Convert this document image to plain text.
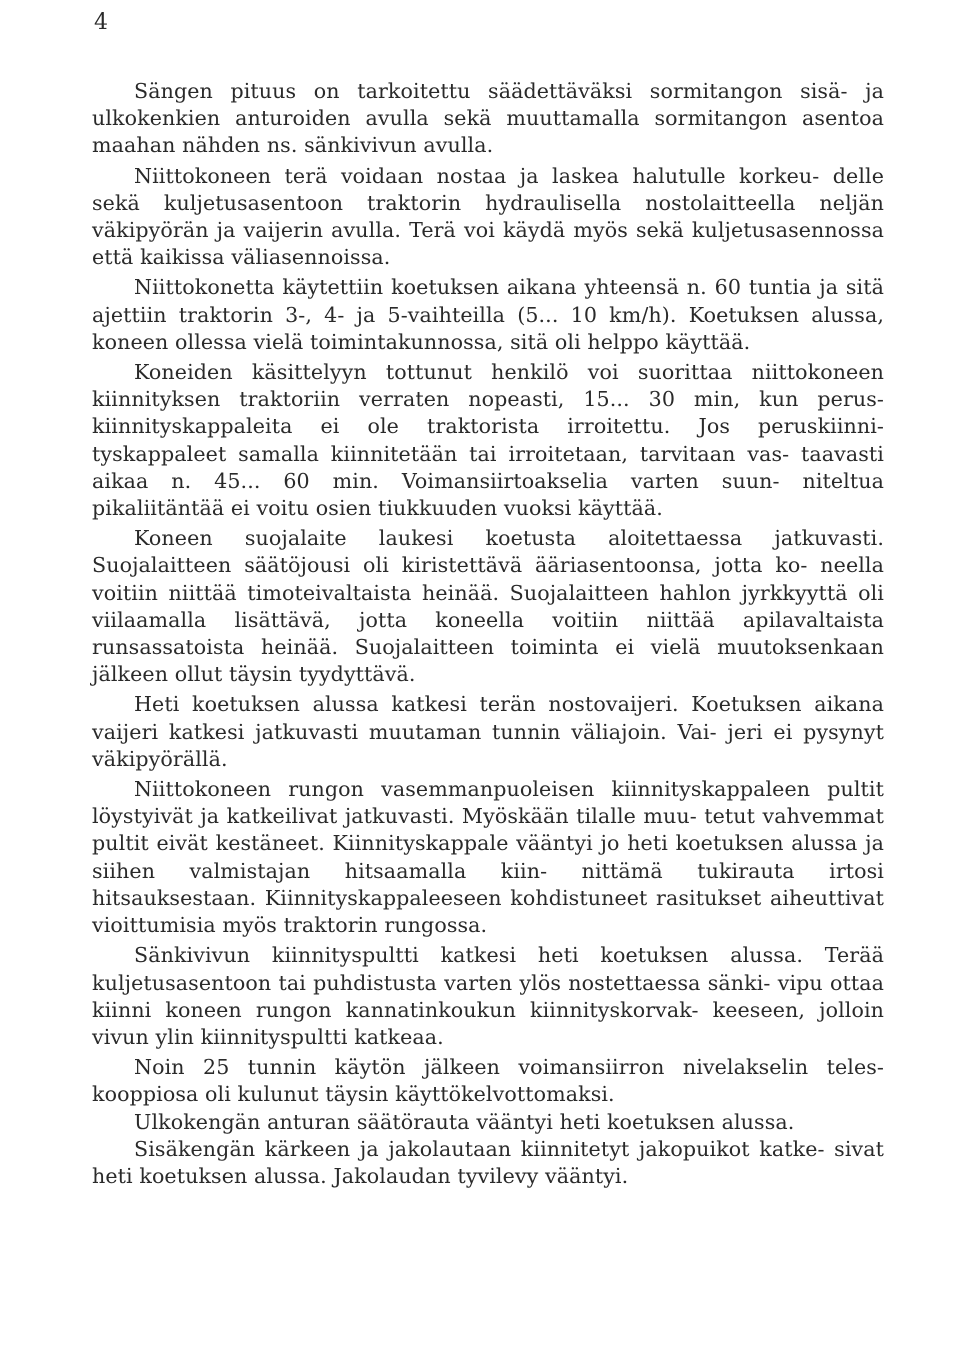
4

Sängen pituus on tarkoitettu säädettäväksi sormitangon sisä- ja ulkokenkien anturoiden avulla sekä muuttamalla sormitangon asentoa maahan nähden ns. sänkivivun avulla.

Niittokoneen terä voidaan nostaa ja laskea halutulle korkeu- delle sekä kuljetusasentoon traktorin hydraulisella nostolaitteella neljän väkipyörän ja vaijerin avulla. Terä voi käydä myös sekä kuljetusasennossa että kaikissa väliasennoissa.

Niittokonetta käytettiin koetuksen aikana yhteensä n. 60 tuntia ja sitä ajettiin traktorin 3-, 4- ja 5-vaihteilla (5... 10 km/h). Koetuksen alussa, koneen ollessa vielä toimintakunnossa, sitä oli helppo käyttää.

Koneiden käsittelyyn tottunut henkilö voi suorittaa niittokoneen kiinnityksen traktoriin verraten nopeasti, 15... 30 min, kun perus- kiinnityskappaleita ei ole traktorista irroitettu. Jos peruskiinni- tyskappaleet samalla kiinnitetään tai irroitetaan, tarvitaan vas- taavasti aikaa n. 45... 60 min. Voimansiirtoakselia varten suun- niteltua pikaliitäntää ei voitu osien tiukkuuden vuoksi käyttää.

Koneen suojalaite laukesi koetusta aloitettaessa jatkuvasti. Suojalaitteen säätöjousi oli kiristettävä ääriasentoonsa, jotta ko- neella voitiin niittää timoteivaltaista heinää. Suojalaitteen hahlon jyrkkyyttä oli viilaamalla lisättävä, jotta koneella voitiin niittää apilavaltaista runsassatoista heinää. Suojalaitteen toiminta ei vielä muutoksenkaan jälkeen ollut täysin tyydyttävä.

Heti koetuksen alussa katkesi terän nostovaijeri. Koetuksen aikana vaijeri katkesi jatkuvasti muutaman tunnin väliajoin. Vai- jeri ei pysynyt väkipyörällä.

Niittokoneen rungon vasemmanpuoleisen kiinnityskappaleen pultit löystyivät ja katkeilivat jatkuvasti. Myöskään tilalle muu- tetut vahvemmat pultit eivät kestäneet. Kiinnityskappale vääntyi jo heti koetuksen alussa ja siihen valmistajan hitsaamalla kiin- nittämä tukirauta irtosi hitsauksestaan. Kiinnityskappaleeseen kohdistuneet rasitukset aiheuttivat vioittumisia myös traktorin rungossa.

Sänkivivun kiinnityspultti katkesi heti koetuksen alussa. Terää kuljetusasentoon tai puhdistusta varten ylös nostettaessa sänki- vipu ottaa kiinni koneen rungon kannatinkoukun kiinnityskorvak- keeseen, jolloin vivun ylin kiinnityspultti katkeaa.

Noin 25 tunnin käytön jälkeen voimansiirron nivelakselin teles- kooppiosa oli kulunut täysin käyttökelvottomaksi.

Ulkokengän anturan säätörauta vääntyi heti koetuksen alussa.

Sisäkengän kärkeen ja jakolautaan kiinnitetyt jakopuikot katke- sivat heti koetuksen alussa. Jakolaudan tyvilevy vääntyi.
